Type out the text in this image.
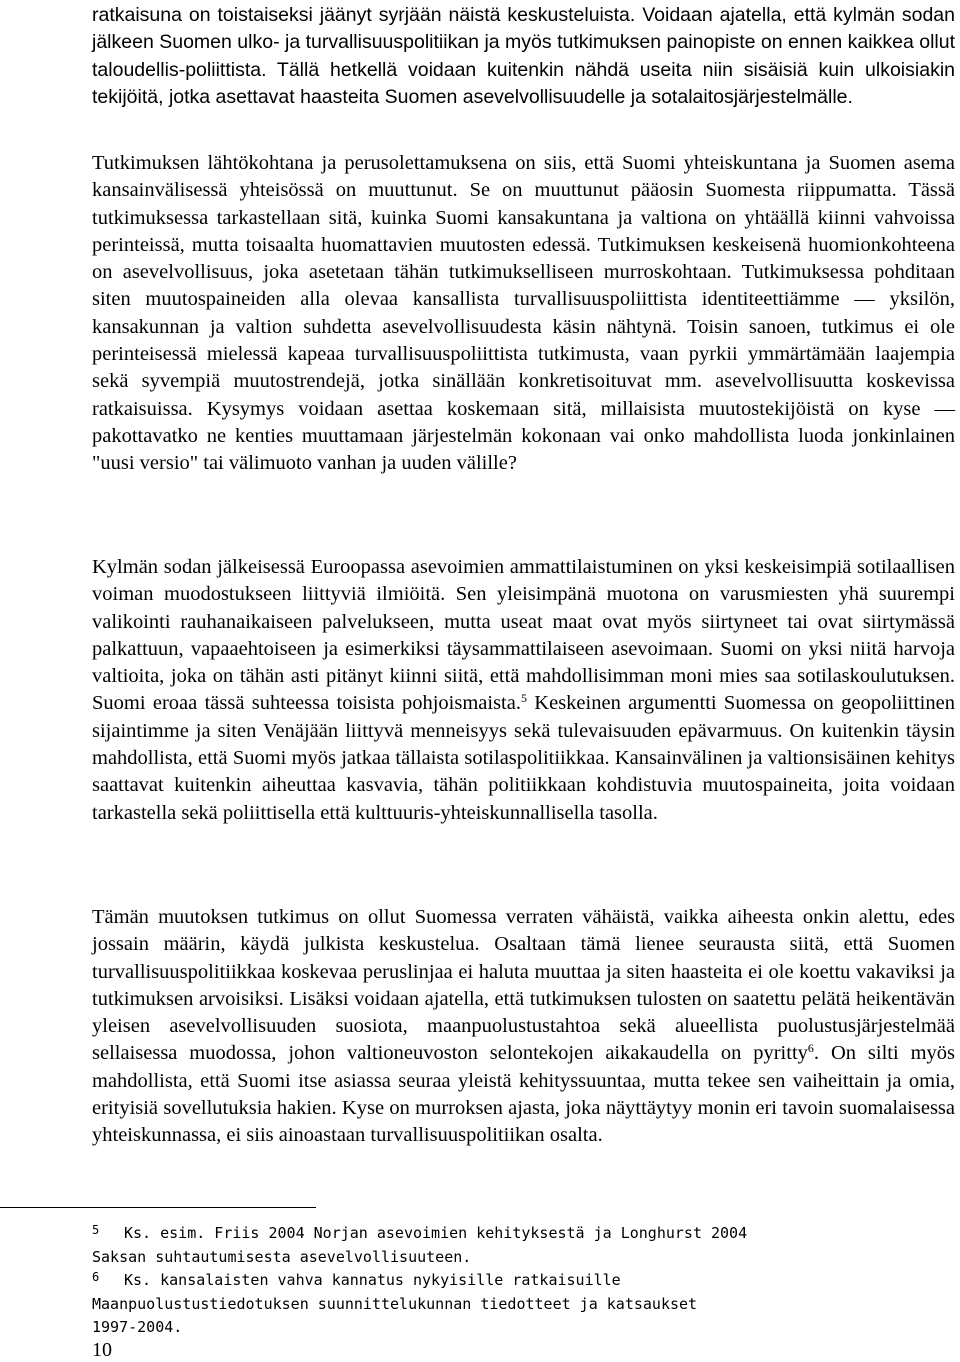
ratkaisuna on toistaiseksi jäänyt syrjään näistä keskusteluista. Voidaan ajatella, että kylmän sodan jälkeen Suomen ulko- ja turvallisuuspolitiikan ja myös tutkimuksen painopiste on ennen kaikkea ollut taloudellis-poliittista. Tällä hetkellä voidaan kuitenkin nähdä useita niin sisäisiä kuin ulkoisiakin tekijöitä, jotka asettavat haasteita Suomen asevelvollisuudelle ja sotalaitosjärjestelmälle.

Tutkimuksen lähtökohtana ja perusolettamuksena on siis, että Suomi yhteiskuntana ja Suomen asema kansainvälisessä yhteisössä on muuttunut. Se on muuttunut pääosin Suomesta riippumatta. Tässä tutkimuksessa tarkastellaan sitä, kuinka Suomi kansakuntana ja valtiona on yhtäällä kiinni vahvoissa perinteissä, mutta toisaalta huomattavien muutosten edessä. Tutkimuksen keskeisenä huomionkohteena on asevelvollisuus, joka asetetaan tähän tutkimukselliseen murroskohtaan. Tutkimuksessa pohditaan siten muutospaineiden alla olevaa kansallista turvallisuuspoliittista identiteettiämme — yksilön, kansakunnan ja valtion suhdetta asevelvollisuudesta käsin nähtynä. Toisin sanoen, tutkimus ei ole perinteisessä mielessä kapeaa turvallisuuspoliittista tutkimusta, vaan pyrkii ymmärtämään laajempia sekä syvempiä muutostrendejä, jotka sinällään konkretisoituvat mm. asevelvollisuutta koskevissa ratkaisuissa. Kysymys voidaan asettaa koskemaan sitä, millaisista muutostekijöistä on kyse — pakottavatko ne kenties muuttamaan järjestelmän kokonaan vai onko mahdollista luoda jonkinlainen "uusi versio" tai välimuoto vanhan ja uuden välille?

Kylmän sodan jälkeisessä Euroopassa asevoimien ammattilaistuminen on yksi keskeisimpiä sotilaallisen voiman muodostukseen liittyviä ilmiöitä. Sen yleisimpänä muotona on varusmiesten yhä suurempi valikointi rauhanaikaiseen palvelukseen, mutta useat maat ovat myös siirtyneet tai ovat siirtymässä palkattuun, vapaaehtoiseen ja esimerkiksi täysammattilaiseen asevoimaan. Suomi on yksi niitä harvoja valtioita, joka on tähän asti pitänyt kiinni siitä, että mahdollisimman moni mies saa sotilaskoulutuksen. Suomi eroaa tässä suhteessa toisista pohjoismaista.$^5$ Keskeinen argumentti Suomessa on geopoliittinen sijaintimme ja siten Venäjään liittyvä menneisyys sekä tulevaisuuden epävarmuus. On kuitenkin täysin mahdollista, että Suomi myös jatkaa tällaista sotilaspolitiikkaa. Kansainvälinen ja valtionsisäinen kehitys saattavat kuitenkin aiheuttaa kasvavia, tähän politiikkaan kohdistuvia muutospaineita, joita voidaan tarkastella sekä poliittisella että kulttuuris-yhteiskunnallisella tasolla.

Tämän muutoksen tutkimus on ollut Suomessa verraten vähäistä, vaikka aiheesta onkin alettu, edes jossain määrin, käydä julkista keskustelua. Osaltaan tämä lienee seurausta siitä, että Suomen turvallisuuspolitiikkaa koskevaa peruslinjaa ei haluta muuttaa ja siten haasteita ei ole koettu vakaviksi ja tutkimuksen arvoisiksi. Lisäksi voidaan ajatella, että tutkimuksen tulosten on saatettu pelätä heikentävän yleisen asevelvollisuuden suosiota, maanpuolustustahtoa sekä alueellista puolustusjärjestelmää sellaisessa muodossa, johon valtioneuvoston selontekojen aikakaudella on pyritty$^6$. On silti myös mahdollista, että Suomi itse asiassa seuraa yleistä kehityssuuntaa, mutta tekee sen vaiheittain ja omia, erityisiä sovellutuksia hakien. Kyse on murroksen ajasta, joka näyttäytyy monin eri tavoin suomalaisessa yhteiskunnassa, ei siis ainoastaan turvallisuuspolitiikan osalta.

5 Ks. esim. Friis 2004 Norjan asevoimien kehityksestä ja Longhurst 2004
Saksan suhtautumisesta asevelvollisuuteen.

6 Ks. kansalaisten vahva kannatus nykyisille ratkaisuille
Maanpuolustustiedotuksen suunnittelukunnan tiedotteet ja katsaukset
1997-2004.

10
